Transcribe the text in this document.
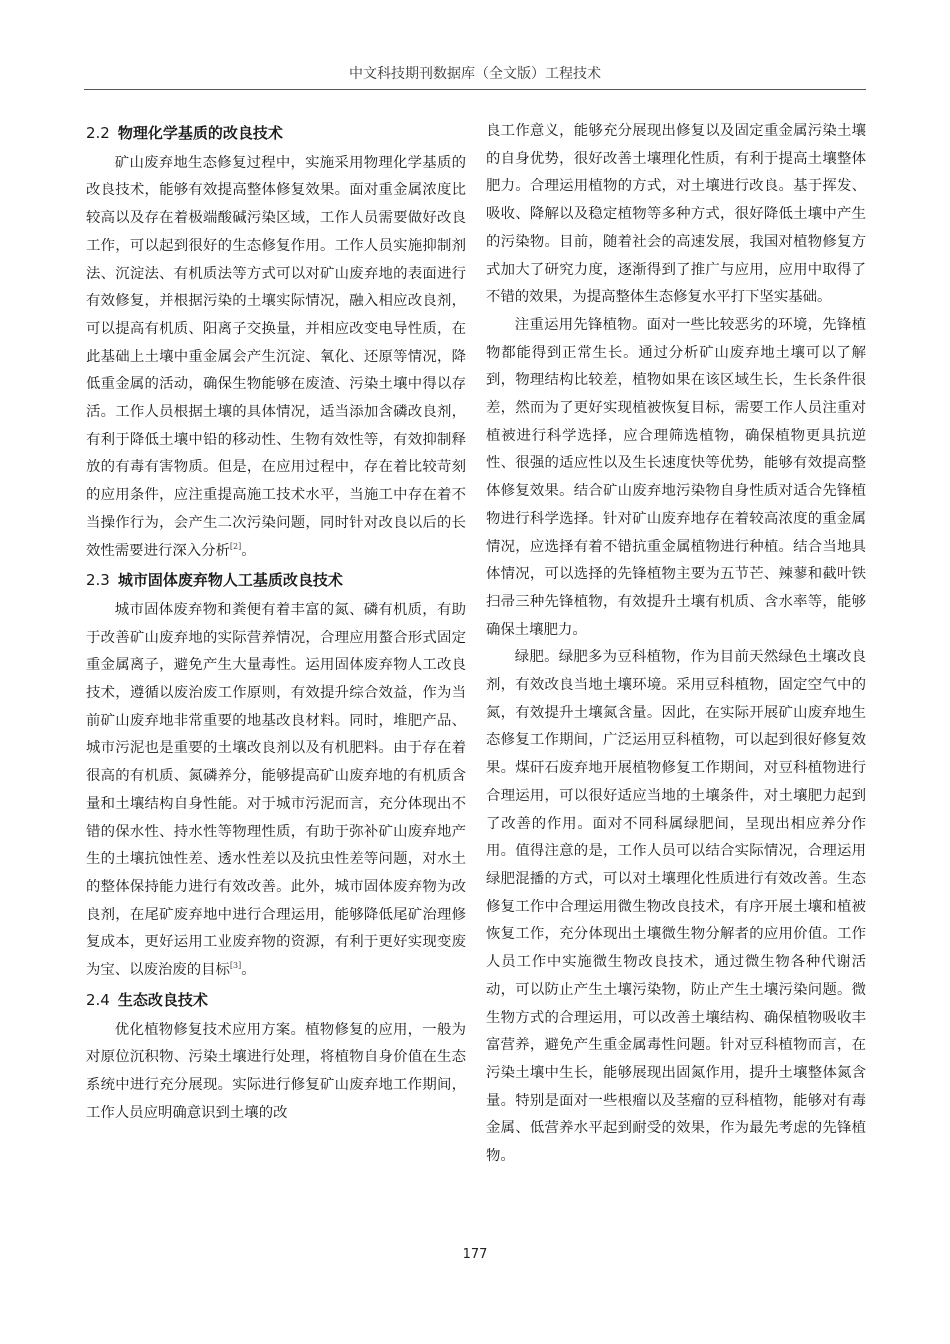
中文科技期刊数据库（全文版）工程技术
2.2 物理化学基质的改良技术

矿山废弃地生态修复过程中，实施采用物理化学基质的改良技术，能够有效提高整体修复效果。面对重金属浓度比较高以及存在着极端酸碱污染区域，工作人员需要做好改良工作，可以起到很好的生态修复作用。工作人员实施抑制剂法、沉淀法、有机质法等方式可以对矿山废弃地的表面进行有效修复，并根据污染的土壤实际情况，融入相应改良剂，可以提高有机质、阳离子交换量，并相应改变电导性质，在此基础上土壤中重金属会产生沉淀、氧化、还原等情况，降低重金属的活动，确保生物能够在废渣、污染土壤中得以存活。工作人员根据土壤的具体情况，适当添加含磷改良剂，有利于降低土壤中铅的移动性、生物有效性等，有效抑制释放的有毒有害物质。但是，在应用过程中，存在着比较苛刻的应用条件，应注重提高施工技术水平，当施工中存在着不当操作行为，会产生二次污染问题，同时针对改良以后的长效性需要进行深入分析[2]。

2.3 城市固体废弃物人工基质改良技术

城市固体废弃物和粪便有着丰富的氮、磷有机质，有助于改善矿山废弃地的实际营养情况，合理应用螯合形式固定重金属离子，避免产生大量毒性。运用固体废弃物人工改良技术，遵循以废治废工作原则，有效提升综合效益，作为当前矿山废弃地非常重要的地基改良材料。同时，堆肥产品、城市污泥也是重要的土壤改良剂以及有机肥料。由于存在着很高的有机质、氮磷养分，能够提高矿山废弃地的有机质含量和土壤结构自身性能。对于城市污泥而言，充分体现出不错的保水性、持水性等物理性质，有助于弥补矿山废弃地产生的土壤抗蚀性差、透水性差以及抗虫性差等问题，对水土的整体保持能力进行有效改善。此外，城市固体废弃物为改良剂，在尾矿废弃地中进行合理运用，能够降低尾矿治理修复成本，更好运用工业废弃物的资源，有利于更好实现变废为宝、以废治废的目标[3]。

2.4 生态改良技术

优化植物修复技术应用方案。植物修复的应用，一般为对原位沉积物、污染土壤进行处理，将植物自身价值在生态系统中进行充分展现。实际进行修复矿山废弃地工作期间，工作人员应明确意识到土壤的改

良工作意义，能够充分展现出修复以及固定重金属污染土壤的自身优势，很好改善土壤理化性质，有利于提高土壤整体肥力。合理运用植物的方式，对土壤进行改良。基于挥发、吸收、降解以及稳定植物等多种方式，很好降低土壤中产生的污染物。目前，随着社会的高速发展，我国对植物修复方式加大了研究力度，逐渐得到了推广与应用，应用中取得了不错的效果，为提高整体生态修复水平打下坚实基础。

注重运用先锋植物。面对一些比较恶劣的环境，先锋植物都能得到正常生长。通过分析矿山废弃地土壤可以了解到，物理结构比较差，植物如果在该区域生长，生长条件很差，然而为了更好实现植被恢复目标，需要工作人员注重对植被进行科学选择，应合理筛选植物，确保植物更具抗逆性、很强的适应性以及生长速度快等优势，能够有效提高整体修复效果。结合矿山废弃地污染物自身性质对适合先锋植物进行科学选择。针对矿山废弃地存在着较高浓度的重金属情况，应选择有着不错抗重金属植物进行种植。结合当地具体情况，可以选择的先锋植物主要为五节芒、辣蓼和截叶铁扫帚三种先锋植物，有效提升土壤有机质、含水率等，能够确保土壤肥力。

绿肥。绿肥多为豆科植物，作为目前天然绿色土壤改良剂，有效改良当地土壤环境。采用豆科植物，固定空气中的氮，有效提升土壤氮含量。因此，在实际开展矿山废弃地生态修复工作期间，广泛运用豆科植物，可以起到很好修复效果。煤矸石废弃地开展植物修复工作期间，对豆科植物进行合理运用，可以很好适应当地的土壤条件，对土壤肥力起到了改善的作用。面对不同科属绿肥间，呈现出相应养分作用。值得注意的是，工作人员可以结合实际情况，合理运用绿肥混播的方式，可以对土壤理化性质进行有效改善。生态修复工作中合理运用微生物改良技术，有序开展土壤和植被恢复工作，充分体现出土壤微生物分解者的应用价值。工作人员工作中实施微生物改良技术，通过微生物各种代谢活动，可以防止产生土壤污染物，防止产生土壤污染问题。微生物方式的合理运用，可以改善土壤结构、确保植物吸收丰富营养，避免产生重金属毒性问题。针对豆科植物而言，在污染土壤中生长，能够展现出固氮作用，提升土壤整体氮含量。特别是面对一些根瘤以及茎瘤的豆科植物，能够对有毒金属、低营养水平起到耐受的效果，作为最先考虑的先锋植物。

177
